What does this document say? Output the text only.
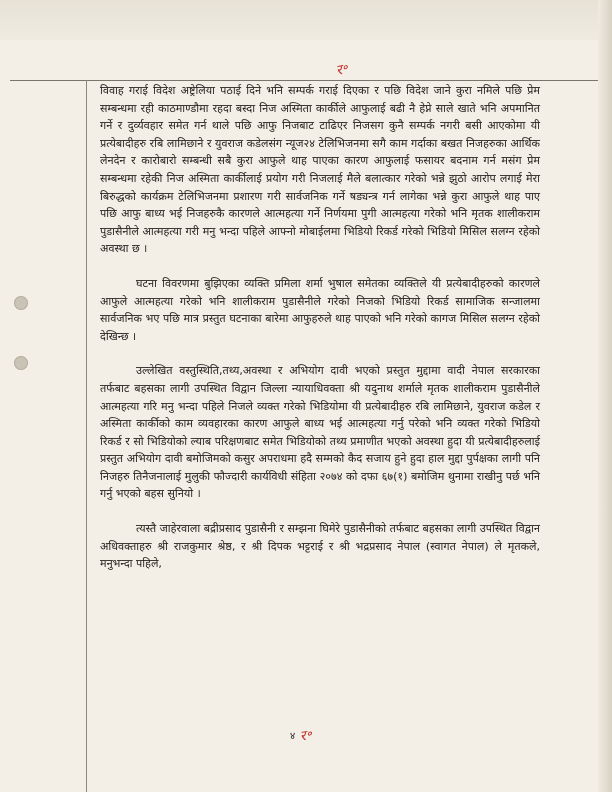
र॰

विवाह गराई विदेश अष्ट्रेलिया पठाई दिने भनि सम्पर्क गराई दिएका र पछि विदेश जाने कुरा नमिले पछि प्रेम सम्बन्धमा रही काठमाण्डौमा रहदा बस्दा निज अस्मिता कार्कीले आफुलाई बढी नै हेप्ने साले खाते भनि अपमानित गर्ने र दुर्व्यवहार समेत गर्न थाले पछि आफु निजबाट टाढिएर निजसग कुनै सम्पर्क नगरी बसी आएकोमा यी प्रत्येबादीहरु रबि लामिछाने र युवराज कडेलसंग न्यूज२४ टेलिभिजनमा सगै काम गर्दाका बखत निजहरुका आर्थिक लेनदेन र कारोबारो सम्बन्धी सबै कुरा आफुले थाह पाएका कारण आफुलाई फसायर बदनाम गर्न मसंग प्रेम सम्बन्धमा रहेकी निज अस्मिता कार्कीलाई प्रयोग गरी निजलाई मैले बलात्कार गरेको भन्ने झुठो आरोप लगाई मेरा बिरुद्धको कार्यक्रम टेलिभिजनमा प्रशारण गरी सार्वजनिक गर्ने षड्यन्त्र गर्न लागेका भन्ने कुरा आफुले थाह पाए पछि आफु बाध्य भई निजहरुकै कारणले आत्महत्या गर्ने निर्णयमा पुगी आत्महत्या गरेको भनि मृतक शालीकराम पुडासैनीले आत्महत्या गरी मनु भन्दा पहिले आफ्नो मोबाईलमा भिडियो रिकर्ड गरेको भिडियो मिसिल सलग्न रहेको अवस्था छ ।

घटना विवरणमा बुझिएका व्यक्ति प्रमिला शर्मा भुषाल समेतका व्यक्तिले यी प्रत्येबादीहरुको कारणले आफुले आत्महत्या गरेको भनि शालीकराम पुडासैनीले गरेको निजको भिडियो रिकर्ड सामाजिक सन्जालमा सार्वजनिक भए पछि मात्र प्रस्तुत घटनाका बारेमा आफुहरुले थाह पाएको भनि गरेको कागज मिसिल सलग्न रहेको देखिन्छ ।

उल्लेखित वस्तुस्थिति,तथ्य,अवस्था र अभियोग दावी भएको प्रस्तुत मुद्दामा वादी नेपाल सरकारका तर्फबाट बहसका लागी उपस्थित विद्वान जिल्ला न्यायाधिवक्ता श्री यदुनाथ शर्माले मृतक शालीकराम पुडासैनीले आत्महत्या गरि मनु भन्दा पहिले निजले व्यक्त गरेको भिडियोमा यी प्रत्येबादीहरु रबि लामिछाने, युवराज कडेल र अस्मिता कार्कीको काम व्यवहारका कारण आफुले बाध्य भई आत्महत्या गर्नु परेको भनि व्यक्त गरेको भिडियो रिकर्ड र सो भिडियोको ल्याब परिक्षणबाट समेत भिडियोको तथ्य प्रमाणीत भएको अवस्था हुदा यी प्रत्येबादीहरुलाई प्रस्तुत अभियोग दावी बमोजिमको कसुर अपराधमा हदै सम्मको कैद सजाय हुने हुदा हाल मुद्दा पुर्पक्षका लागी पनि निजहरु तिनैजनालाई मुलुकी फौज्दारी कार्यविधी संहिता २०७४ को दफा ६७(१) बमोजिम थुनामा राखीनु पर्छ भनि गर्नु भएको बहस सुनियो ।

त्यस्तै जाहेरवाला बद्रीप्रसाद पुडासैनी र सम्झना घिमेरे पुडासैनीको तर्फबाट बहसका लागी उपस्थित विद्वान अधिवक्ताहरु श्री राजकुमार श्रेष्ठ, र श्री दिपक भट्टराई र श्री भद्रप्रसाद नेपाल (स्वागत नेपाल) ले मृतकले, मनुभन्दा पहिले,

४ र॰
